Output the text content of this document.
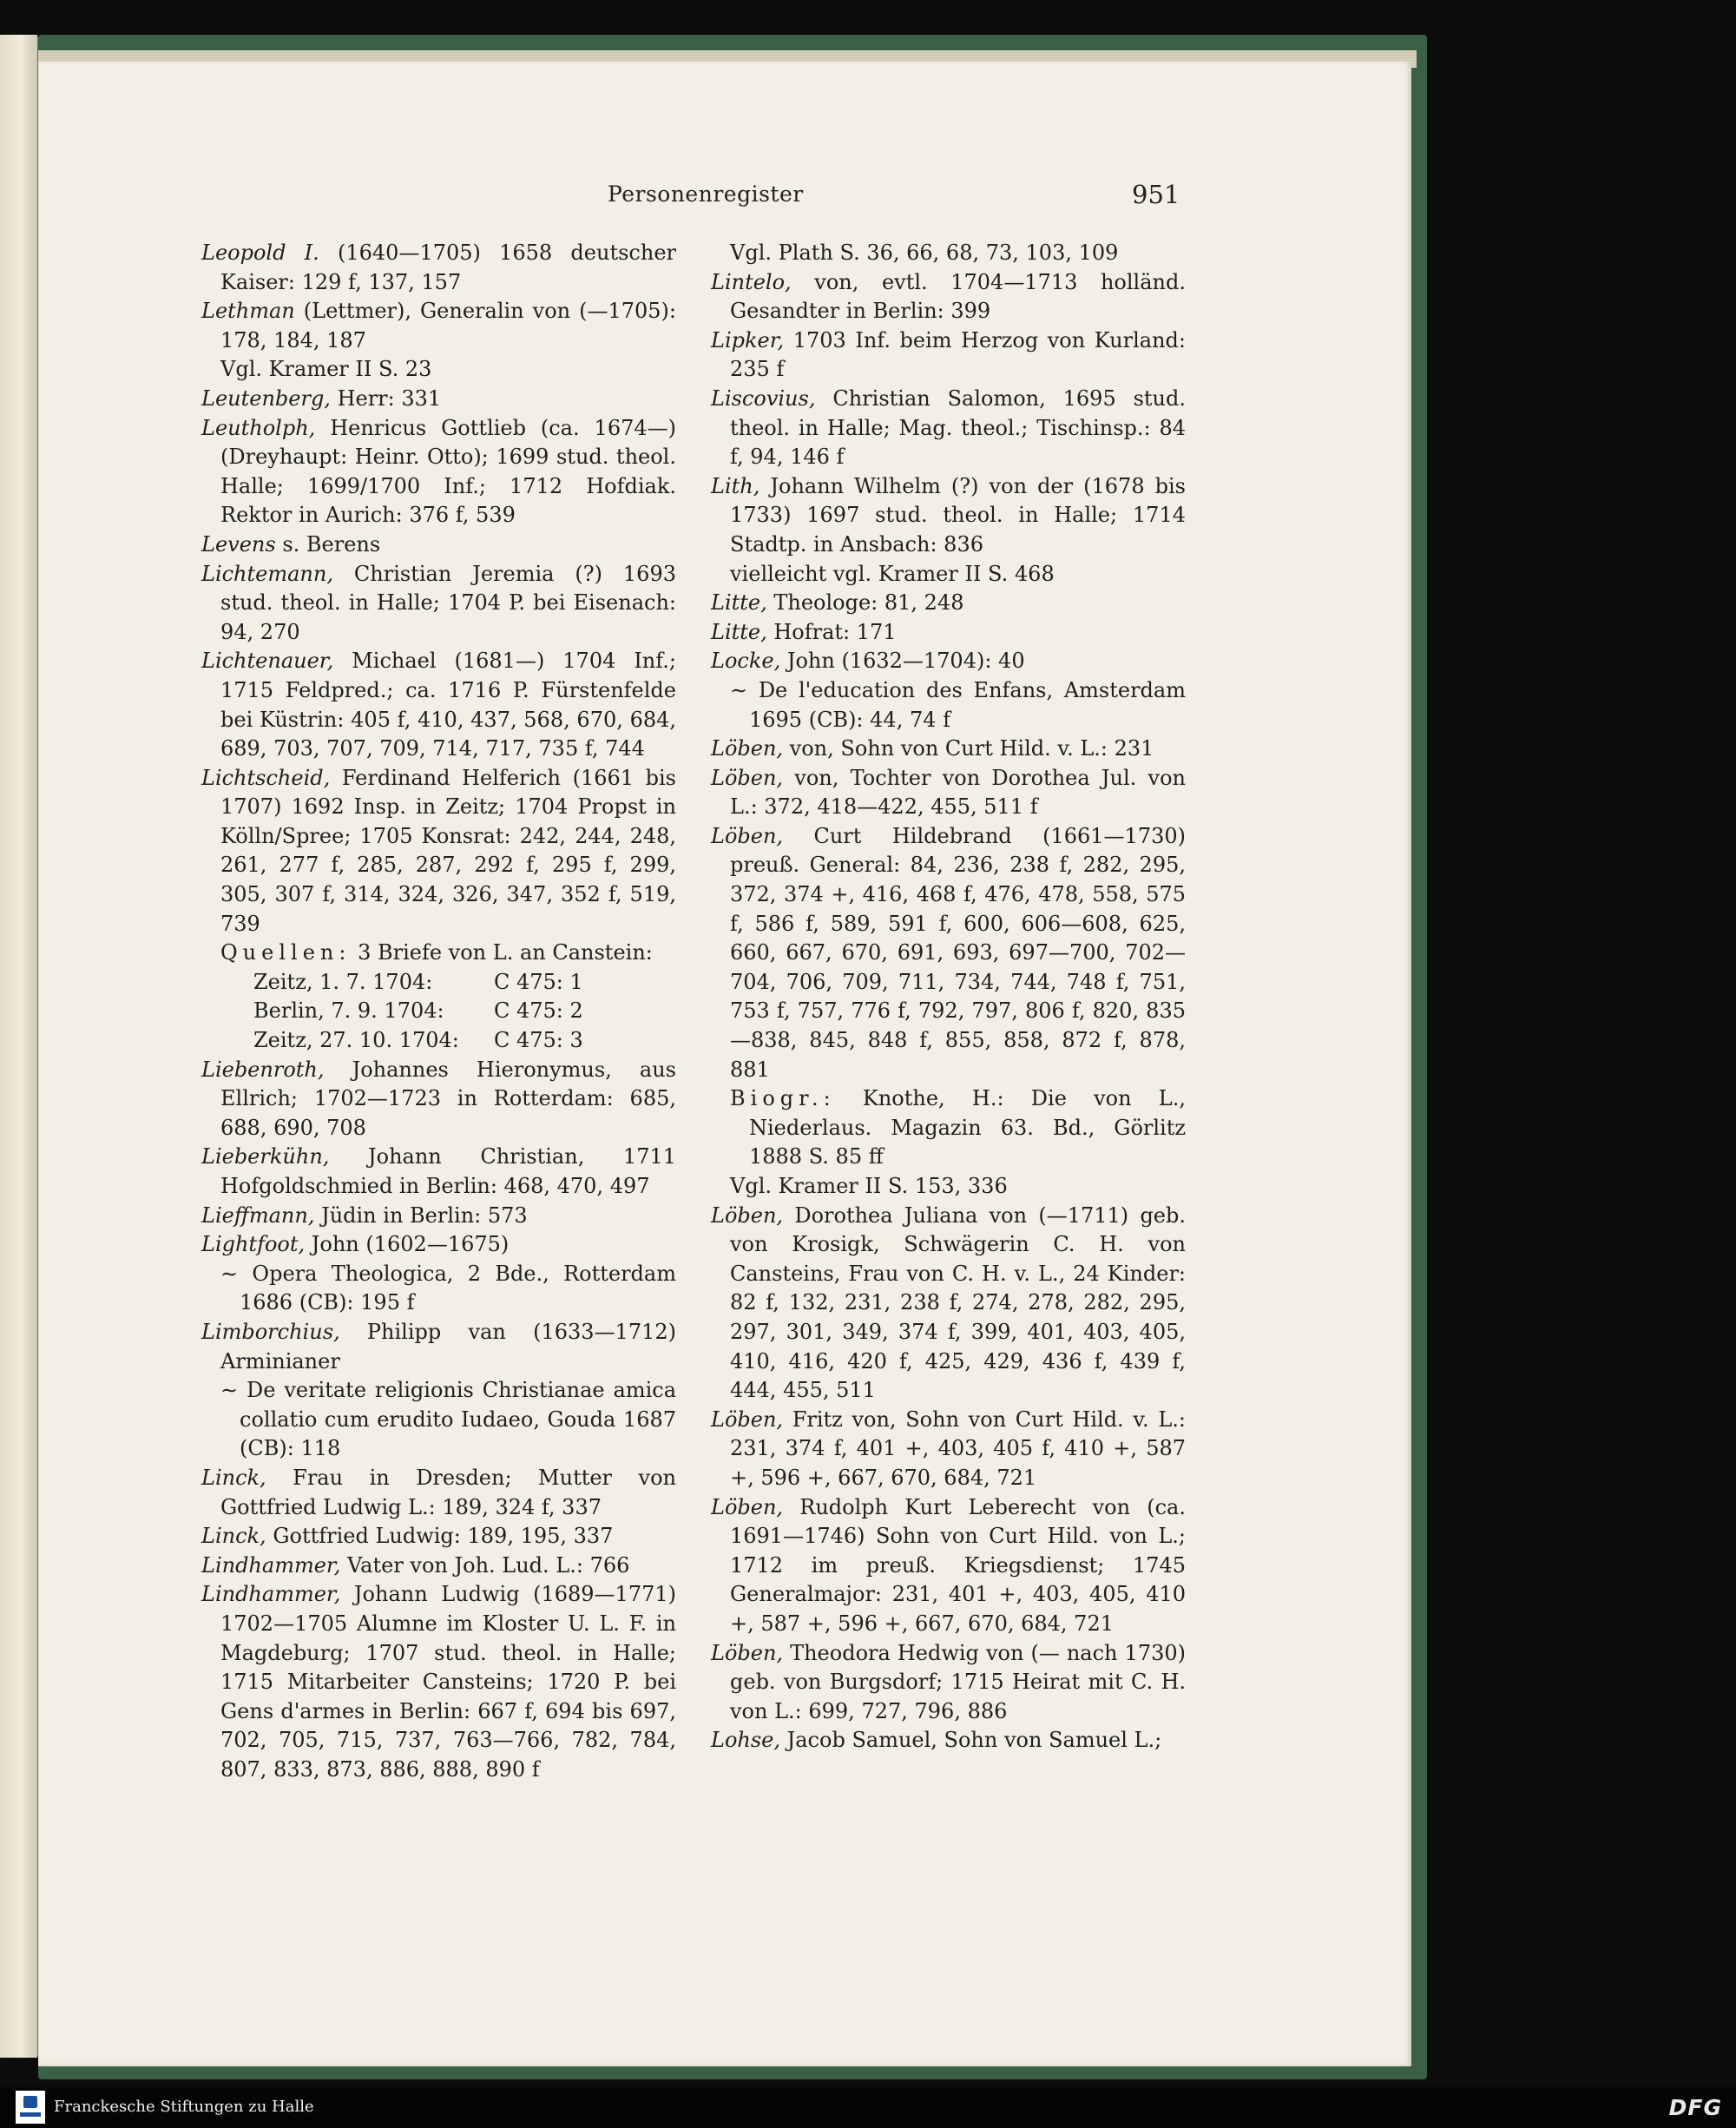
Personenregister	951
Leopold I. (1640—1705) 1658 deutscher Kaiser: 129 f, 137, 157
Lethman (Lettmer), Generalin von (—1705): 178, 184, 187
Vgl. Kramer II S. 23
Leutenberg, Herr: 331
Leutholph, Henricus Gottlieb (ca. 1674—) (Dreyhaupt: Heinr. Otto); 1699 stud. theol. Halle; 1699/1700 Inf.; 1712 Hofdiak. Rektor in Aurich: 376 f, 539
Levens s. Berens
Lichtemann, Christian Jeremia (?) 1693 stud. theol. in Halle; 1704 P. bei Eisenach: 94, 270
Lichtenauer, Michael (1681—) 1704 Inf.; 1715 Feldpred.; ca. 1716 P. Fürstenfelde bei Küstrin: 405 f, 410, 437, 568, 670, 684, 689, 703, 707, 709, 714, 717, 735 f, 744
Lichtscheid, Ferdinand Helferich (1661 bis 1707) 1692 Insp. in Zeitz; 1704 Propst in Kölln/Spree; 1705 Konsrat: 242, 244, 248, 261, 277 f, 285, 287, 292 f, 295 f, 299, 305, 307 f, 314, 324, 326, 347, 352 f, 519, 739
Quellen: 3 Briefe von L. an Canstein:
Zeitz, 1. 7. 1704:	C 475: 1
Berlin, 7. 9. 1704: C 475: 2
Zeitz, 27. 10. 1704: C 475: 3
Liebenroth, Johannes Hieronymus, aus Ellrich; 1702—1723 in Rotterdam: 685, 688, 690, 708
Lieberkühn, Johann Christian, 1711 Hofgoldschmied in Berlin: 468, 470, 497
Lieffmann, Jüdin in Berlin: 573
Lightfoot, John (1602—1675)
∼ Opera Theologica, 2 Bde., Rotterdam 1686 (CB): 195 f
Limborchius, Philipp van (1633—1712) Arminianer
∼ De veritate religionis Christianae amica collatio cum erudito Iudaeo, Gouda 1687 (CB): 118
Linck, Frau in Dresden; Mutter von Gottfried Ludwig L.: 189, 324 f, 337
Linck, Gottfried Ludwig: 189, 195, 337
Lindhammer, Vater von Joh. Lud. L.: 766
Lindhammer, Johann Ludwig (1689—1771) 1702—1705 Alumne im Kloster U. L. F. in Magdeburg; 1707 stud. theol. in Halle; 1715 Mitarbeiter Cansteins; 1720 P. bei Gens d'armes in Berlin: 667 f, 694 bis 697, 702, 705, 715, 737, 763—766, 782, 784, 807, 833, 873, 886, 888, 890 f
Vgl. Plath S. 36, 66, 68, 73, 103, 109
Lintelo, von, evtl. 1704—1713 holländ. Gesandter in Berlin: 399
Lipker, 1703 Inf. beim Herzog von Kurland: 235 f
Liscovius, Christian Salomon, 1695 stud. theol. in Halle; Mag. theol.; Tischinsp.: 84 f, 94, 146 f
Lith, Johann Wilhelm (?) von der (1678 bis 1733) 1697 stud. theol. in Halle; 1714 Stadtp. in Ansbach: 836
vielleicht vgl. Kramer II S. 468
Litte, Theologe: 81, 248
Litte, Hofrat: 171
Locke, John (1632—1704): 40
∼ De l'education des Enfans, Amsterdam 1695 (CB): 44, 74 f
Löben, von, Sohn von Curt Hild. v. L.: 231
Löben, von, Tochter von Dorothea Jul. von L.: 372, 418—422, 455, 511 f
Löben, Curt Hildebrand (1661—1730) preuß. General: 84, 236, 238 f, 282, 295, 372, 374 +, 416, 468 f, 476, 478, 558, 575 f, 586 f, 589, 591 f, 600, 606—608, 625, 660, 667, 670, 691, 693, 697—700, 702—704, 706, 709, 711, 734, 744, 748 f, 751, 753 f, 757, 776 f, 792, 797, 806 f, 820, 835—838, 845, 848 f, 855, 858, 872 f, 878, 881
Biogr.: Knothe, H.: Die von L., Niederlaus. Magazin 63. Bd., Görlitz 1888 S. 85 ff
Vgl. Kramer II S. 153, 336
Löben, Dorothea Juliana von (—1711) geb. von Krosigk, Schwägerin C. H. von Cansteins, Frau von C. H. v. L., 24 Kinder: 82 f, 132, 231, 238 f, 274, 278, 282, 295, 297, 301, 349, 374 f, 399, 401, 403, 405, 410, 416, 420 f, 425, 429, 436 f, 439 f, 444, 455, 511
Löben, Fritz von, Sohn von Curt Hild. v. L.: 231, 374 f, 401 +, 403, 405 f, 410 +, 587 +, 596 +, 667, 670, 684, 721
Löben, Rudolph Kurt Leberecht von (ca. 1691—1746) Sohn von Curt Hild. von L.; 1712 im preuß. Kriegsdienst; 1745 Generalmajor: 231, 401 +, 403, 405, 410 +, 587 +, 596 +, 667, 670, 684, 721
Löben, Theodora Hedwig von (— nach 1730) geb. von Burgsdorf; 1715 Heirat mit C. H. von L.: 699, 727, 796, 886
Lohse, Jacob Samuel, Sohn von Samuel L.;
Franckesche Stiftungen zu Halle	DFG
